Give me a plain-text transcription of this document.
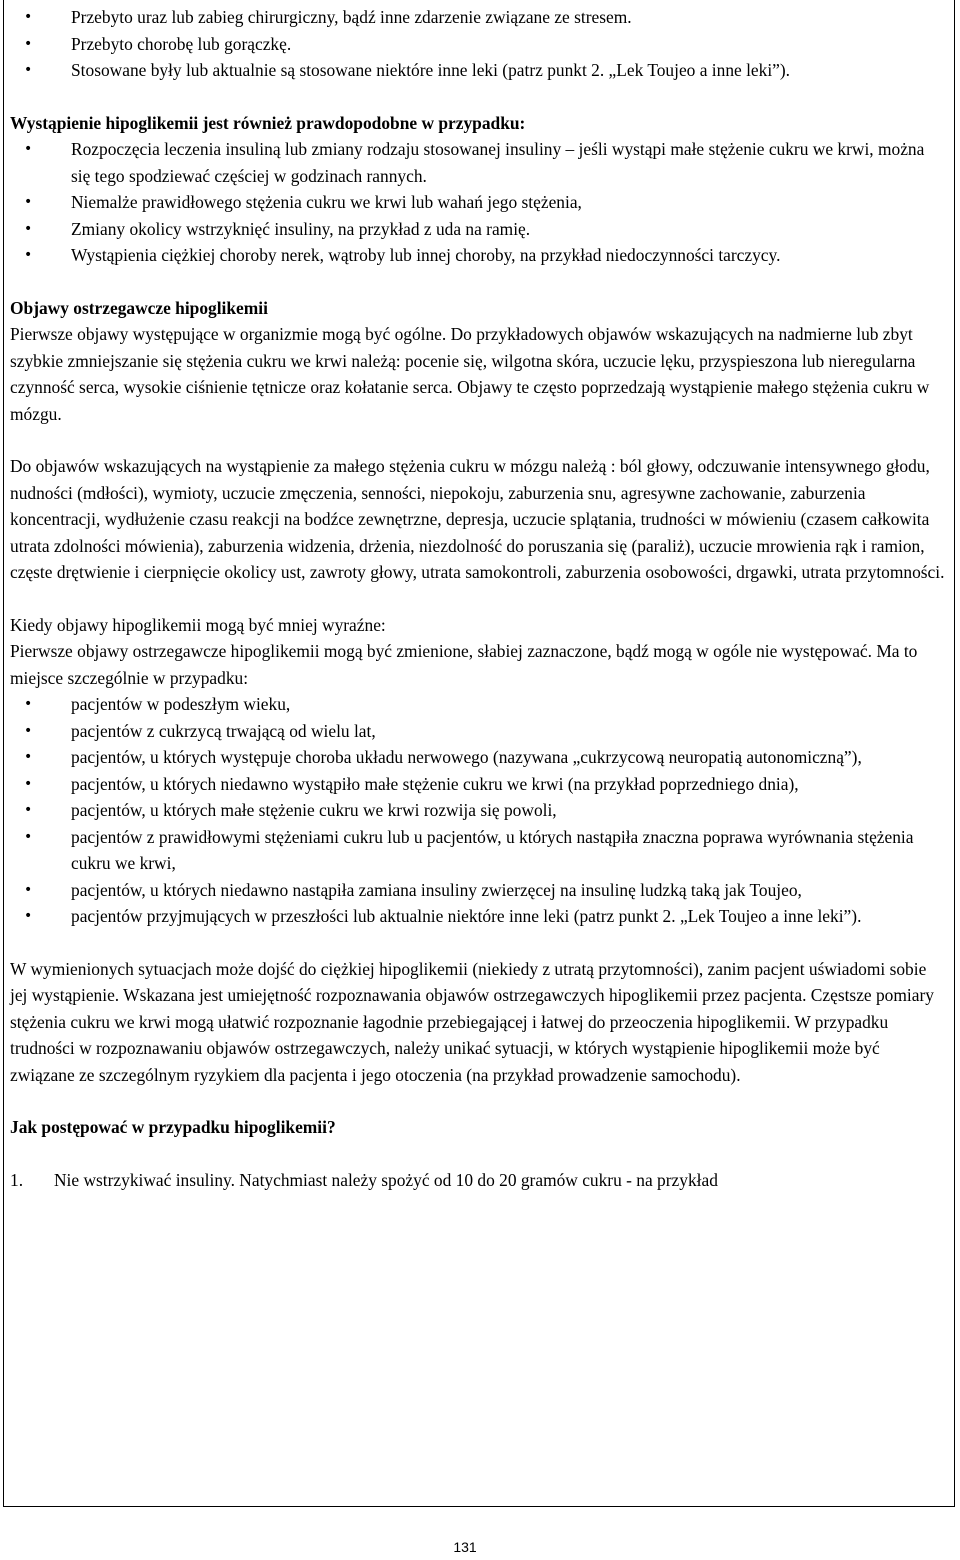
• Przebyto uraz lub zabieg chirurgiczny, bądź inne zdarzenie związane ze stresem.
• Przebyto chorobę lub gorączkę.
• Stosowane były lub aktualnie są stosowane niektóre inne leki (patrz punkt 2. „Lek Toujeo a inne leki”).

Wystąpienie hipoglikemii jest również prawdopodobne w przypadku:

• Rozpoczęcia leczenia insuliną lub zmiany rodzaju stosowanej insuliny – jeśli wystąpi małe stężenie cukru we krwi, można się tego spodziewać częściej w godzinach rannych.
• Niemalże prawidłowego stężenia cukru we krwi lub wahań jego stężenia,
• Zmiany okolicy wstrzyknięć insuliny, na przykład z uda na ramię.
• Wystąpienia ciężkiej choroby nerek, wątroby lub innej choroby, na przykład niedoczynności tarczycy.

Objawy ostrzegawcze hipoglikemii

Pierwsze objawy występujące w organizmie mogą być ogólne. Do przykładowych objawów wskazujących na nadmierne lub zbyt szybkie zmniejszanie się stężenia cukru we krwi należą: pocenie się, wilgotna skóra, uczucie lęku, przyspieszona lub nieregularna czynność serca, wysokie ciśnienie tętnicze oraz kołatanie serca. Objawy te często poprzedzają wystąpienie małego stężenia cukru w mózgu.

Do objawów wskazujących na wystąpienie za małego stężenia cukru w mózgu należą : ból głowy, odczuwanie intensywnego głodu, nudności (mdłości), wymioty, uczucie zmęczenia, senności, niepokoju, zaburzenia snu, agresywne zachowanie, zaburzenia koncentracji, wydłużenie czasu reakcji na bodźce zewnętrzne, depresja, uczucie splątania, trudności w mówieniu (czasem całkowita utrata zdolności mówienia), zaburzenia widzenia, drżenia, niezdolność do poruszania się (paraliż), uczucie mrowienia rąk i ramion, częste drętwienie i cierpnięcie okolicy ust, zawroty głowy, utrata samokontroli, zaburzenia osobowości, drgawki, utrata przytomności.

Kiedy objawy hipoglikemii mogą być mniej wyraźne:

Pierwsze objawy ostrzegawcze hipoglikemii mogą być zmienione, słabiej zaznaczone, bądź mogą w ogóle nie występować. Ma to miejsce szczególnie w przypadku:

• pacjentów w podeszłym wieku,
• pacjentów z cukrzycą trwającą od wielu lat,
• pacjentów, u których występuje choroba układu nerwowego (nazywana „cukrzycową neuropatią autonomiczną”),
• pacjentów, u których niedawno wystąpiło małe stężenie cukru we krwi (na przykład poprzedniego dnia),
• pacjentów, u których małe stężenie cukru we krwi rozwija się powoli,
• pacjentów z prawidłowymi stężeniami cukru lub u pacjentów, u których nastąpiła znaczna poprawa wyrównania stężenia cukru we krwi,
• pacjentów, u których niedawno nastąpiła zamiana insuliny zwierzęcej na insulinę ludzką taką jak Toujeo,
• pacjentów przyjmujących w przeszłości lub aktualnie niektóre inne leki (patrz punkt 2. „Lek Toujeo a inne leki”).

W wymienionych sytuacjach może dojść do ciężkiej hipoglikemii (niekiedy z utratą przytomności), zanim pacjent uświadomi sobie jej wystąpienie. Wskazana jest umiejętność rozpoznawania objawów ostrzegawczych hipoglikemii przez pacjenta. Częstsze pomiary stężenia cukru we krwi mogą ułatwić rozpoznanie łagodnie przebiegającej i łatwej do przeoczenia hipoglikemii. W przypadku trudności w rozpoznawaniu objawów ostrzegawczych, należy unikać sytuacji, w których wystąpienie hipoglikemii może być związane ze szczególnym ryzykiem dla pacjenta i jego otoczenia (na przykład prowadzenie samochodu).

Jak postępować w przypadku hipoglikemii?

1. Nie wstrzykiwać insuliny. Natychmiast należy spożyć od 10 do 20 gramów cukru - na przykład
131
